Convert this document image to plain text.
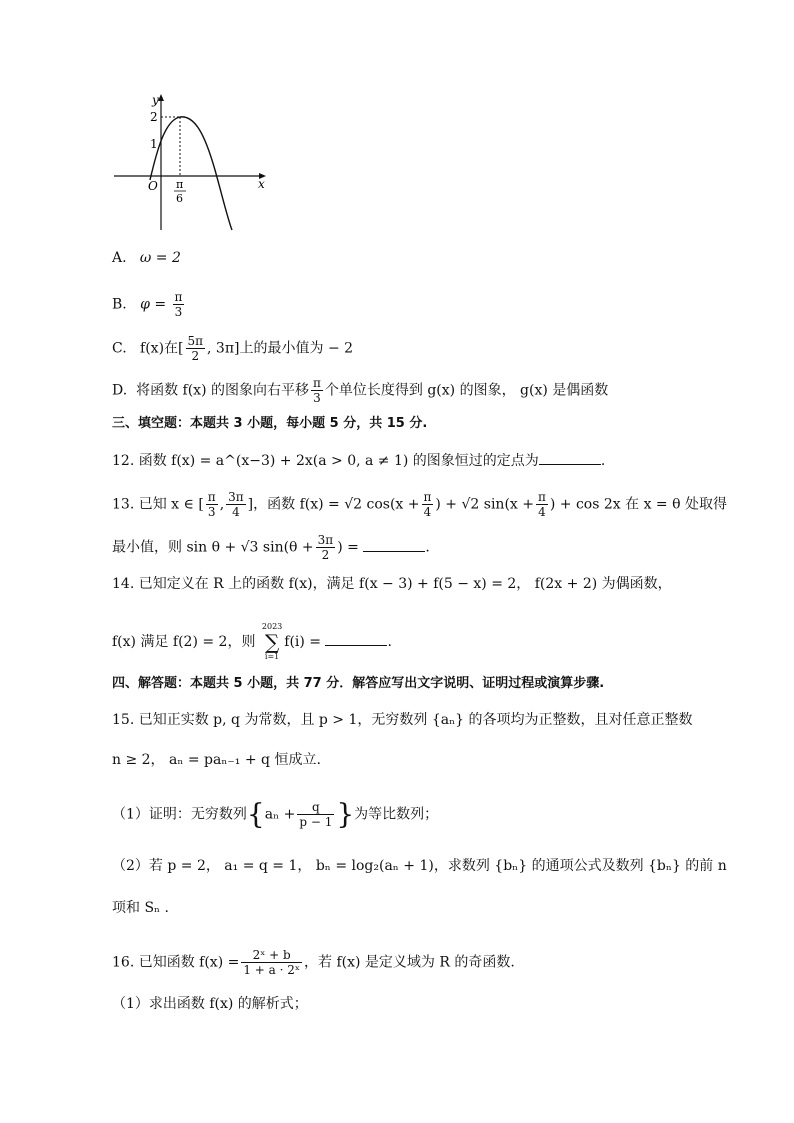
y
x
O
2
1
π
6
A. ω = 2
B. $\varphi = \frac{\pi}{3}$
C. f(x)在[ $\frac{5\pi}{2}$ , 3π]上的最小值为 − 2
D. 将函数 f(x) 的图象向右平移 $\frac{\pi}{3}$ 个单位长度得到 g(x) 的图象， g(x) 是偶函数
三、填空题：本题共 3 小题，每小题 5 分，共 15 分.
12. 函数 f(x) = a^(x−3) + 2x(a > 0, a ≠ 1) 的图象恒过的定点为	.
13. 已知 x ∈ [ $\frac{\pi}{3}$ , $\frac{3\pi}{4}$ ]，函数 f(x) = √2 $\cos(x + \frac{\pi}{4}$ ) + √2 $\sin(x + \frac{\pi}{4}$ ) + cos 2x 在 x = θ 处取得
最小值，则 sin θ + √3 $\sin(\theta + \frac{3\pi}{2}$ ) =	.
14. 已知定义在 R 上的函数 f(x)，满足 f(x − 3) + f(5 − x) = 2， f(2x + 2) 为偶函数，
f(x) 满足 f(2) = 2，则
2023
∑
i=1
f(i) =	.
四、解答题：本题共 5 小题，共 77 分．解答应写出文字说明、证明过程或演算步骤.
15. 已知正实数 p, q 为常数，且 p > 1，无穷数列 {aₙ} 的各项均为正整数，且对任意正整数
n ≥ 2， aₙ = paₙ₋₁ + q 恒成立.
（1）证明：无穷数列{$a_n + \frac{q}{p - 1}$ }为等比数列；
（2）若 p = 2， a₁ = q = 1， bₙ = log₂(aₙ + 1)，求数列 {bₙ} 的通项公式及数列 {bₙ} 的前 n
项和 Sₙ .
16. 已知函数 $f(x) = \frac{\text{2ˣ + b}}{\text{1 + a · 2ˣ}}$ ，若 f(x) 是定义域为 R 的奇函数.
（1）求出函数 f(x) 的解析式；
